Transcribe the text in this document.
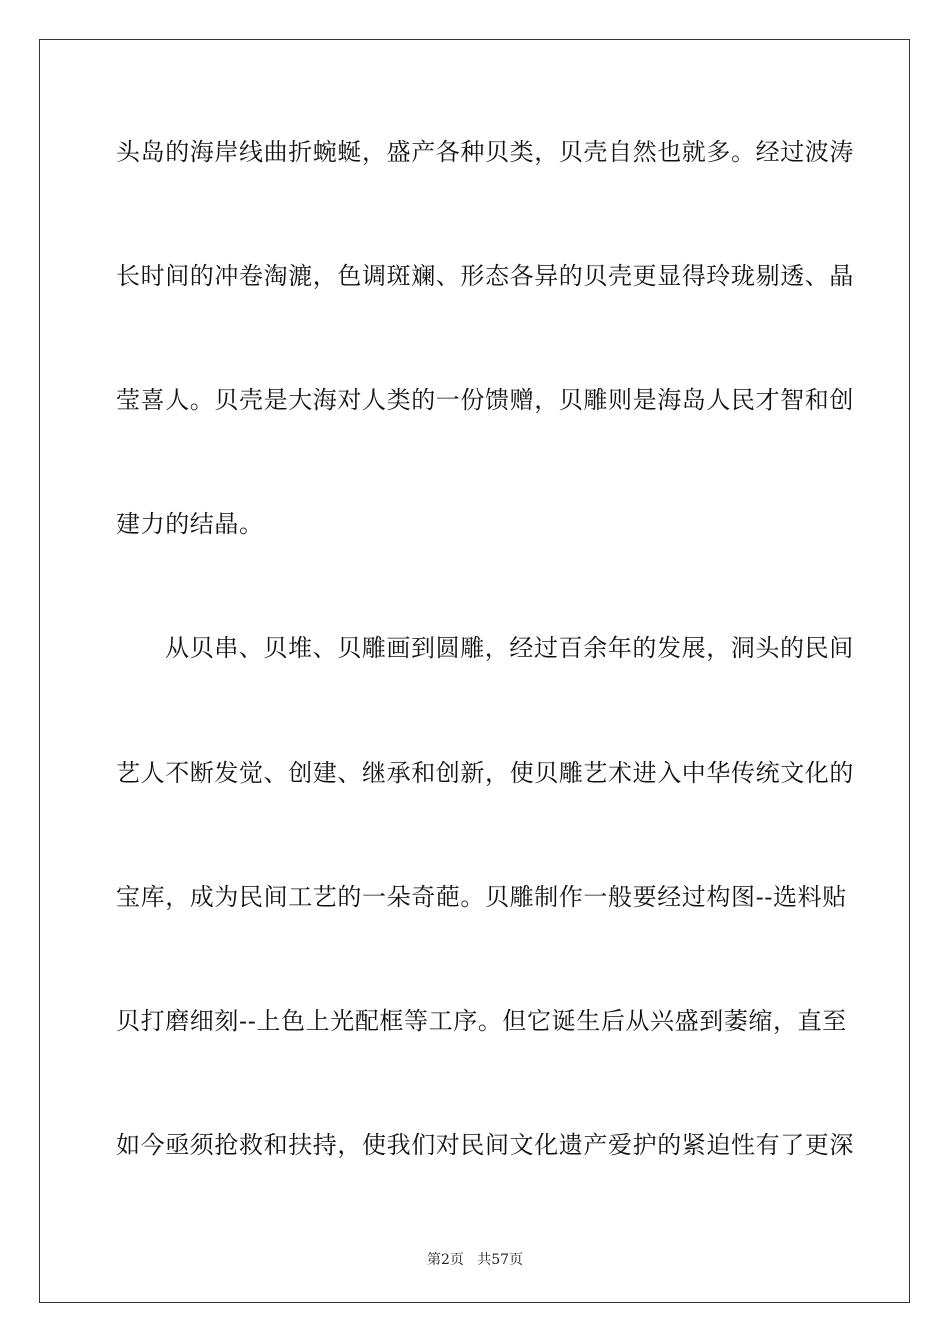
头岛的海岸线曲折蜿蜒，盛产各种贝类，贝壳自然也就多。经过波涛
长时间的冲卷淘漉，色调斑斓、形态各异的贝壳更显得玲珑剔透、晶
莹喜人。贝壳是大海对人类的一份馈赠，贝雕则是海岛人民才智和创
建力的结晶。
从贝串、贝堆、贝雕画到圆雕，经过百余年的发展，洞头的民间
艺人不断发觉、创建、继承和创新，使贝雕艺术进入中华传统文化的
宝库，成为民间工艺的一朵奇葩。贝雕制作一般要经过构图--选料贴
贝打磨细刻--上色上光配框等工序。但它诞生后从兴盛到萎缩，直至
如今亟须抢救和扶持，使我们对民间文化遗产爱护的紧迫性有了更深
第2页   共57页
